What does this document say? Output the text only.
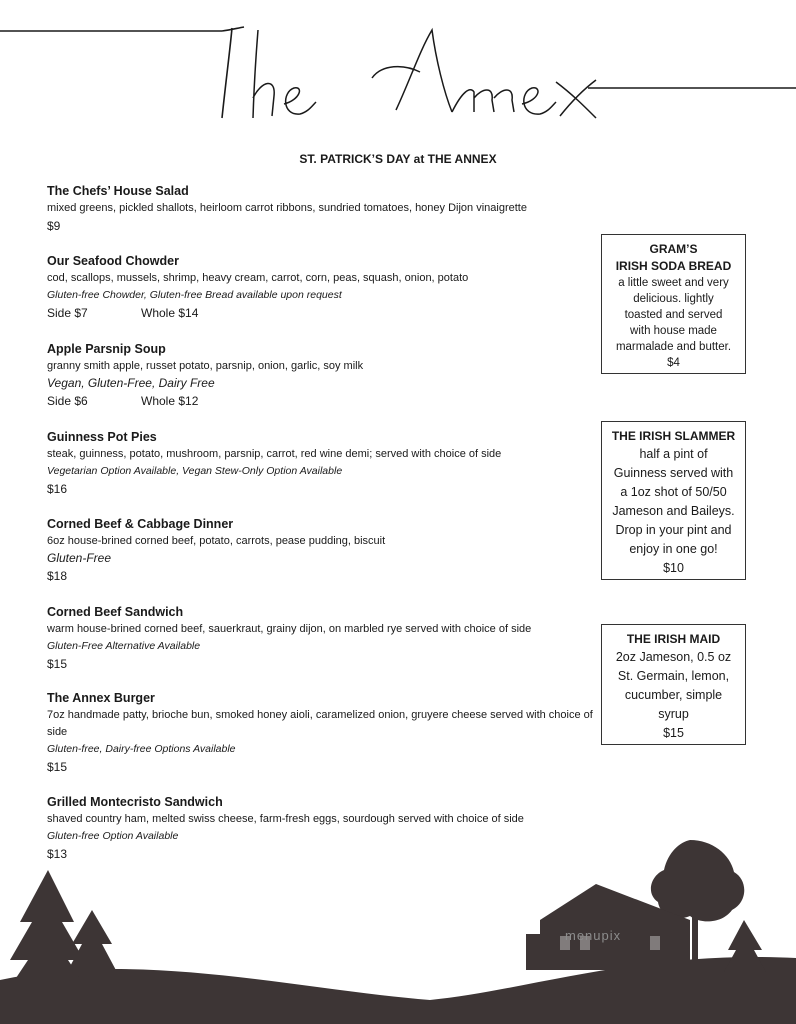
ST. PATRICK’S DAY at THE ANNEX
The Chefs’ House Salad
mixed greens, pickled shallots, heirloom carrot ribbons, sundried tomatoes, honey Dijon vinaigrette
$9
Our Seafood Chowder
cod, scallops, mussels, shrimp, heavy cream, carrot, corn, peas, squash, onion, potato
Gluten-free Chowder, Gluten-free Bread available upon request
Side $7	Whole $14
Apple Parsnip Soup
granny smith apple, russet potato, parsnip, onion, garlic, soy milk
Vegan, Gluten-Free, Dairy Free
Side $6	Whole $12
Guinness Pot Pies
steak, guinness, potato, mushroom, parsnip, carrot, red wine demi; served with choice of side
Vegetarian Option Available, Vegan Stew-Only Option Available
$16
Corned Beef & Cabbage Dinner
6oz house-brined corned beef, potato, carrots, pease pudding, biscuit
Gluten-Free
$18
Corned Beef Sandwich
warm house-brined corned beef, sauerkraut, grainy dijon, on marbled rye served with choice of side
Gluten-Free Alternative Available
$15
The Annex Burger
7oz handmade patty, brioche bun, smoked honey aioli, caramelized onion, gruyere cheese served with choice of side
Gluten-free, Dairy-free Options Available
$15
Grilled Montecristo Sandwich
shaved country ham, melted swiss cheese, farm-fresh eggs, sourdough served with choice of side
Gluten-free Option Available
$13
GRAM’S
IRISH SODA BREAD
a little sweet and very
delicious. lightly
toasted and served
with house made
marmalade and butter.
$4
THE IRISH SLAMMER
half a pint of
Guinness served with
a 1oz shot of 50/50
Jameson and Baileys.
Drop in your pint and
enjoy in one go!
$10
THE IRISH MAID
2oz Jameson, 0.5 oz
St. Germain, lemon,
cucumber, simple
syrup
$15
menupix
